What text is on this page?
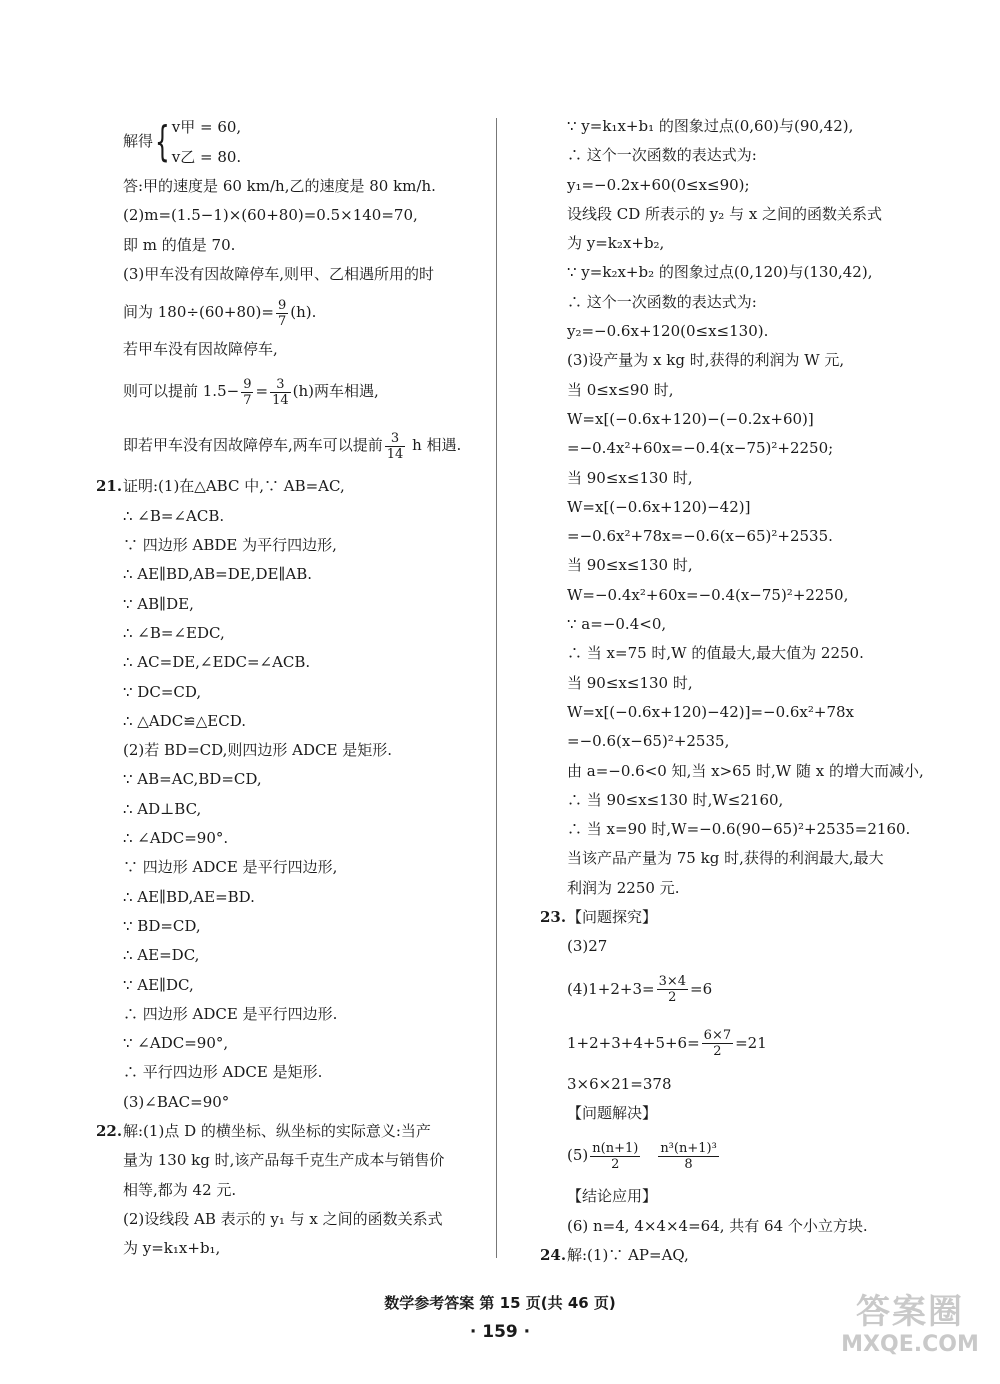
解得 { v甲 = 60,
v乙 = 80.
答:甲的速度是 60 km/h,乙的速度是 80 km/h.
(2)m=(1.5−1)×(60+80)=0.5×140=70,
即 m 的值是 70.
(3)甲车没有因故障停车,则甲、乙相遇所用的时
间为 $180\div(60+80)= \frac{9}{7} (h)$.
若甲车没有因故障停车,
则可以提前 $1.5- \frac{9}{7} = \frac{3}{14} (h)$两车相遇,
即若甲车没有因故障停车,两车可以提前 $\frac{3}{14}$ h 相遇.
21.证明:(1)在△ABC 中,∵ AB=AC,
∴ ∠B=∠ACB.
∵ 四边形 ABDE 为平行四边形,
∴ AE∥BD,AB=DE,DE∥AB.
∵ AB∥DE,
∴ ∠B=∠EDC,
∴ AC=DE,∠EDC=∠ACB.
∵ DC=CD,
∴ △ADC≌△ECD.
(2)若 BD=CD,则四边形 ADCE 是矩形.
∵ AB=AC,BD=CD,
∴ AD⊥BC,
∴ ∠ADC=90°.
∵ 四边形 ADCE 是平行四边形,
∴ AE∥BD,AE=BD.
∵ BD=CD,
∴ AE=DC,
∵ AE∥DC,
∴ 四边形 ADCE 是平行四边形.
∵ ∠ADC=90°,
∴ 平行四边形 ADCE 是矩形.
(3)∠BAC=90°
22.解:(1)点 D 的横坐标、纵坐标的实际意义:当产
量为 130 kg 时,该产品每千克生产成本与销售价
相等,都为 42 元.
(2)设线段 AB 表示的 y₁ 与 x 之间的函数关系式
为 y=k₁x+b₁,
∵ y=k₁x+b₁ 的图象过点(0,60)与(90,42),
∴ 这个一次函数的表达式为:
y₁=−0.2x+60(0≤x≤90);
设线段 CD 所表示的 y₂ 与 x 之间的函数关系式
为 y=k₂x+b₂,
∵ y=k₂x+b₂ 的图象过点(0,120)与(130,42),
∴ 这个一次函数的表达式为:
y₂=−0.6x+120(0≤x≤130).
(3)设产量为 x kg 时,获得的利润为 W 元,
当 0≤x≤90 时,
W=x[(−0.6x+120)−(−0.2x+60)]
=−0.4x²+60x=−0.4(x−75)²+2250;
当 90≤x≤130 时,
W=x[(−0.6x+120)−42)]
=−0.6x²+78x=−0.6(x−65)²+2535.
当 90≤x≤130 时,
W=−0.4x²+60x=−0.4(x−75)²+2250,
∵ a=−0.4<0,
∴ 当 x=75 时,W 的值最大,最大值为 2250.
当 90≤x≤130 时,
W=x[(−0.6x+120)−42)]=−0.6x²+78x
=−0.6(x−65)²+2535,
由 a=−0.6<0 知,当 x>65 时,W 随 x 的增大而减小,
∴ 当 90≤x≤130 时,W≤2160,
∴ 当 x=90 时,W=−0.6(90−65)²+2535=2160.
当该产品产量为 75 kg 时,获得的利润最大,最大
利润为 2250 元.
23.【问题探究】
(3)27
$(4)1+2+3= \frac{3\times 4}{2} =6$
$1+2+3+4+5+6= \frac{6\times 7}{2} =21$
3×6×21=378
【问题解决】
$(5) \frac{n(n+1)}{2} \frac{\text{n³(n+1)³}}{8}$
【结论应用】
(6) n=4, 4×4×4=64, 共有 64 个小立方块.
24.解:(1)∵ AP=AQ,
数学参考答案 第 15 页(共 46 页)
· 159 ·	答案圈
MXQE.COM
